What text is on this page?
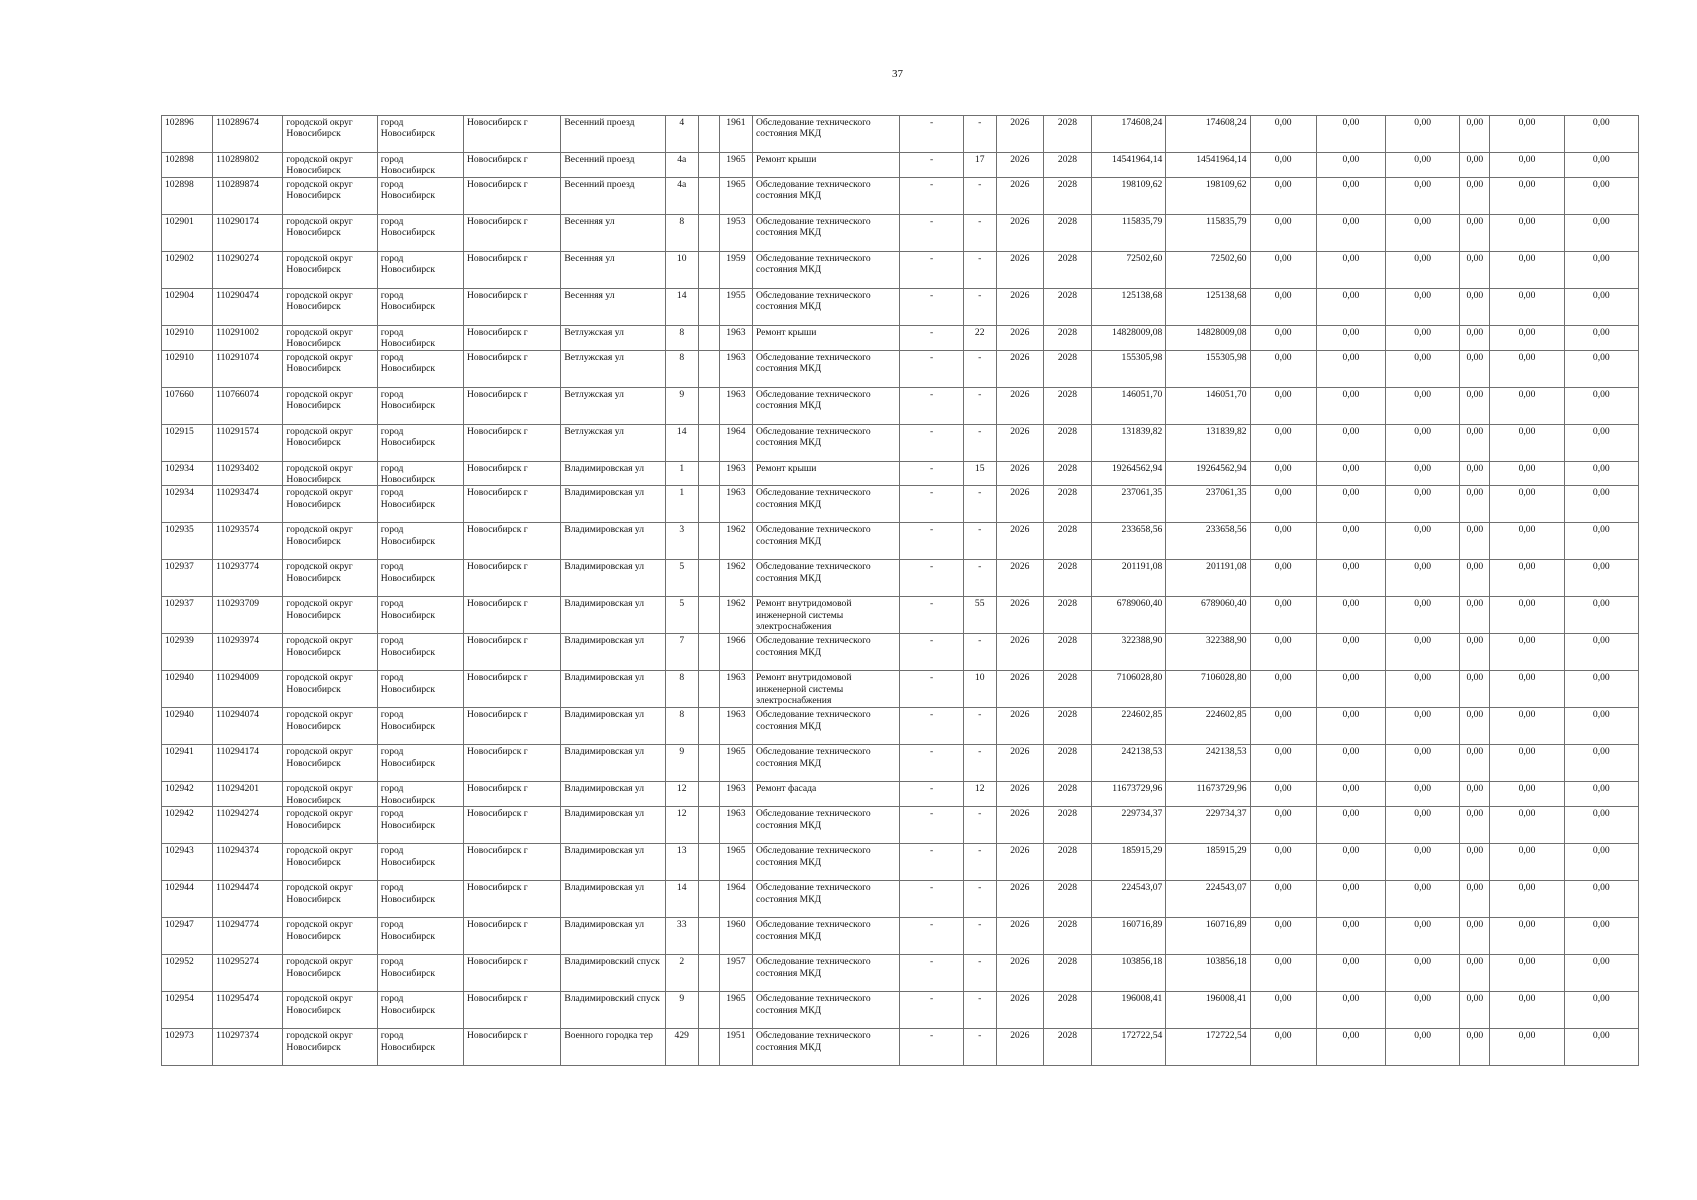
37
102896	110289674	городской округ Новосибирск	город Новосибирск	Новосибирск г	Весенний проезд	4		1961	Обследование технического состояния МКД	-	-	2026	2028	174608,24	174608,24	0,00	0,00	0,00	0,00	0,00	0,00
102898	110289802	городской округ Новосибирск	город Новосибирск	Новосибирск г	Весенний проезд	4а		1965	Ремонт крыши	-	17	2026	2028	14541964,14	14541964,14	0,00	0,00	0,00	0,00	0,00	0,00
102898	110289874	городской округ Новосибирск	город Новосибирск	Новосибирск г	Весенний проезд	4а		1965	Обследование технического состояния МКД	-	-	2026	2028	198109,62	198109,62	0,00	0,00	0,00	0,00	0,00	0,00
102901	110290174	городской округ Новосибирск	город Новосибирск	Новосибирск г	Весенняя ул	8		1953	Обследование технического состояния МКД	-	-	2026	2028	115835,79	115835,79	0,00	0,00	0,00	0,00	0,00	0,00
102902	110290274	городской округ Новосибирск	город Новосибирск	Новосибирск г	Весенняя ул	10		1959	Обследование технического состояния МКД	-	-	2026	2028	72502,60	72502,60	0,00	0,00	0,00	0,00	0,00	0,00
102904	110290474	городской округ Новосибирск	город Новосибирск	Новосибирск г	Весенняя ул	14		1955	Обследование технического состояния МКД	-	-	2026	2028	125138,68	125138,68	0,00	0,00	0,00	0,00	0,00	0,00
102910	110291002	городской округ Новосибирск	город Новосибирск	Новосибирск г	Ветлужская ул	8		1963	Ремонт крыши	-	22	2026	2028	14828009,08	14828009,08	0,00	0,00	0,00	0,00	0,00	0,00
102910	110291074	городской округ Новосибирск	город Новосибирск	Новосибирск г	Ветлужская ул	8		1963	Обследование технического состояния МКД	-	-	2026	2028	155305,98	155305,98	0,00	0,00	0,00	0,00	0,00	0,00
107660	110766074	городской округ Новосибирск	город Новосибирск	Новосибирск г	Ветлужская ул	9		1963	Обследование технического состояния МКД	-	-	2026	2028	146051,70	146051,70	0,00	0,00	0,00	0,00	0,00	0,00
102915	110291574	городской округ Новосибирск	город Новосибирск	Новосибирск г	Ветлужская ул	14		1964	Обследование технического состояния МКД	-	-	2026	2028	131839,82	131839,82	0,00	0,00	0,00	0,00	0,00	0,00
102934	110293402	городской округ Новосибирск	город Новосибирск	Новосибирск г	Владимировская ул	1		1963	Ремонт крыши	-	15	2026	2028	19264562,94	19264562,94	0,00	0,00	0,00	0,00	0,00	0,00
102934	110293474	городской округ Новосибирск	город Новосибирск	Новосибирск г	Владимировская ул	1		1963	Обследование технического состояния МКД	-	-	2026	2028	237061,35	237061,35	0,00	0,00	0,00	0,00	0,00	0,00
102935	110293574	городской округ Новосибирск	город Новосибирск	Новосибирск г	Владимировская ул	3		1962	Обследование технического состояния МКД	-	-	2026	2028	233658,56	233658,56	0,00	0,00	0,00	0,00	0,00	0,00
102937	110293774	городской округ Новосибирск	город Новосибирск	Новосибирск г	Владимировская ул	5		1962	Обследование технического состояния МКД	-	-	2026	2028	201191,08	201191,08	0,00	0,00	0,00	0,00	0,00	0,00
102937	110293709	городской округ Новосибирск	город Новосибирск	Новосибирск г	Владимировская ул	5		1962	Ремонт внутридомовой инженерной системы электроснабжения	-	55	2026	2028	6789060,40	6789060,40	0,00	0,00	0,00	0,00	0,00	0,00
102939	110293974	городской округ Новосибирск	город Новосибирск	Новосибирск г	Владимировская ул	7		1966	Обследование технического состояния МКД	-	-	2026	2028	322388,90	322388,90	0,00	0,00	0,00	0,00	0,00	0,00
102940	110294009	городской округ Новосибирск	город Новосибирск	Новосибирск г	Владимировская ул	8		1963	Ремонт внутридомовой инженерной системы электроснабжения	-	10	2026	2028	7106028,80	7106028,80	0,00	0,00	0,00	0,00	0,00	0,00
102940	110294074	городской округ Новосибирск	город Новосибирск	Новосибирск г	Владимировская ул	8		1963	Обследование технического состояния МКД	-	-	2026	2028	224602,85	224602,85	0,00	0,00	0,00	0,00	0,00	0,00
102941	110294174	городской округ Новосибирск	город Новосибирск	Новосибирск г	Владимировская ул	9		1965	Обследование технического состояния МКД	-	-	2026	2028	242138,53	242138,53	0,00	0,00	0,00	0,00	0,00	0,00
102942	110294201	городской округ Новосибирск	город Новосибирск	Новосибирск г	Владимировская ул	12		1963	Ремонт фасада	-	12	2026	2028	11673729,96	11673729,96	0,00	0,00	0,00	0,00	0,00	0,00
102942	110294274	городской округ Новосибирск	город Новосибирск	Новосибирск г	Владимировская ул	12		1963	Обследование технического состояния МКД	-	-	2026	2028	229734,37	229734,37	0,00	0,00	0,00	0,00	0,00	0,00
102943	110294374	городской округ Новосибирск	город Новосибирск	Новосибирск г	Владимировская ул	13		1965	Обследование технического состояния МКД	-	-	2026	2028	185915,29	185915,29	0,00	0,00	0,00	0,00	0,00	0,00
102944	110294474	городской округ Новосибирск	город Новосибирск	Новосибирск г	Владимировская ул	14		1964	Обследование технического состояния МКД	-	-	2026	2028	224543,07	224543,07	0,00	0,00	0,00	0,00	0,00	0,00
102947	110294774	городской округ Новосибирск	город Новосибирск	Новосибирск г	Владимировская ул	33		1960	Обследование технического состояния МКД	-	-	2026	2028	160716,89	160716,89	0,00	0,00	0,00	0,00	0,00	0,00
102952	110295274	городской округ Новосибирск	город Новосибирск	Новосибирск г	Владимировский спуск	2		1957	Обследование технического состояния МКД	-	-	2026	2028	103856,18	103856,18	0,00	0,00	0,00	0,00	0,00	0,00
102954	110295474	городской округ Новосибирск	город Новосибирск	Новосибирск г	Владимировский спуск	9		1965	Обследование технического состояния МКД	-	-	2026	2028	196008,41	196008,41	0,00	0,00	0,00	0,00	0,00	0,00
102973	110297374	городской округ Новосибирск	город Новосибирск	Новосибирск г	Военного городка тер	429		1951	Обследование технического состояния МКД	-	-	2026	2028	172722,54	172722,54	0,00	0,00	0,00	0,00	0,00	0,00
